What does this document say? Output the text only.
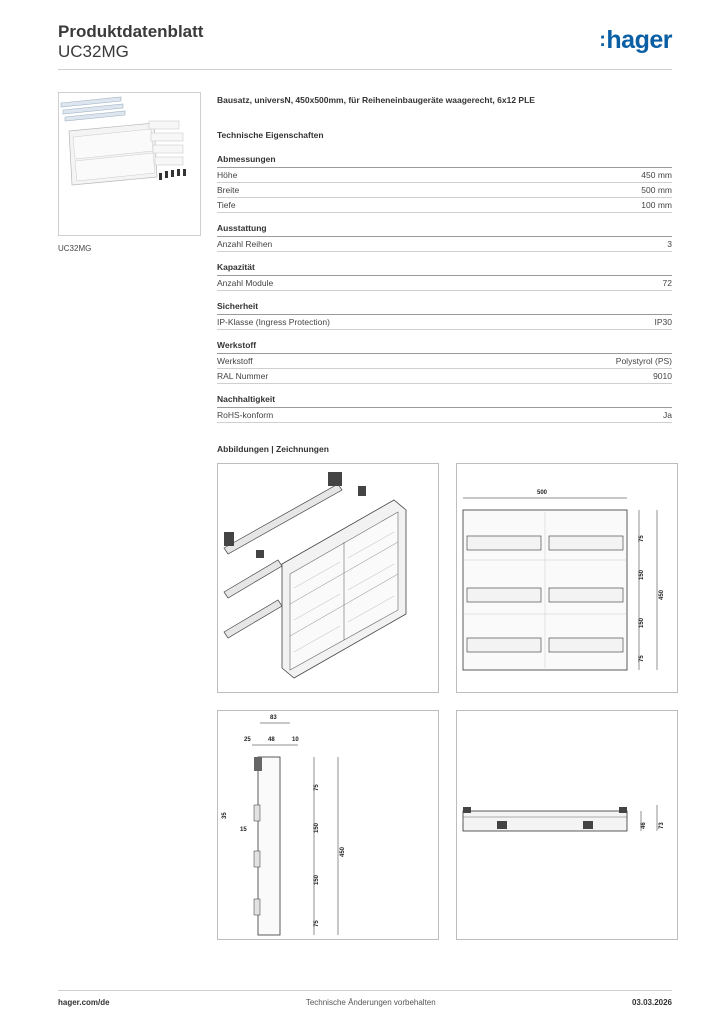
Produktdatenblatt
UC32MG
:hager
UC32MG
Bausatz, universN, 450x500mm, für Reiheneinbaugeräte waagerecht, 6x12 PLE
Technische Eigenschaften
Abmessungen
Höhe	450 mm
Breite	500 mm
Tiefe	100 mm
Ausstattung
Anzahl Reihen	3
Kapazität
Anzahl Module	72
Sicherheit
IP-Klasse (Ingress Protection)	IP30
Werkstoff
Werkstoff	Polystyrol (PS)
RAL Nummer	9010
Nachhaltigkeit
RoHS-konform	Ja
Abbildungen | Zeichnungen
500
75
150
150
75
450
83
25	48	10
35
15
75
150
150
75
450
46 73
hager.com/de	Technische Änderungen vorbehalten	03.03.2026
